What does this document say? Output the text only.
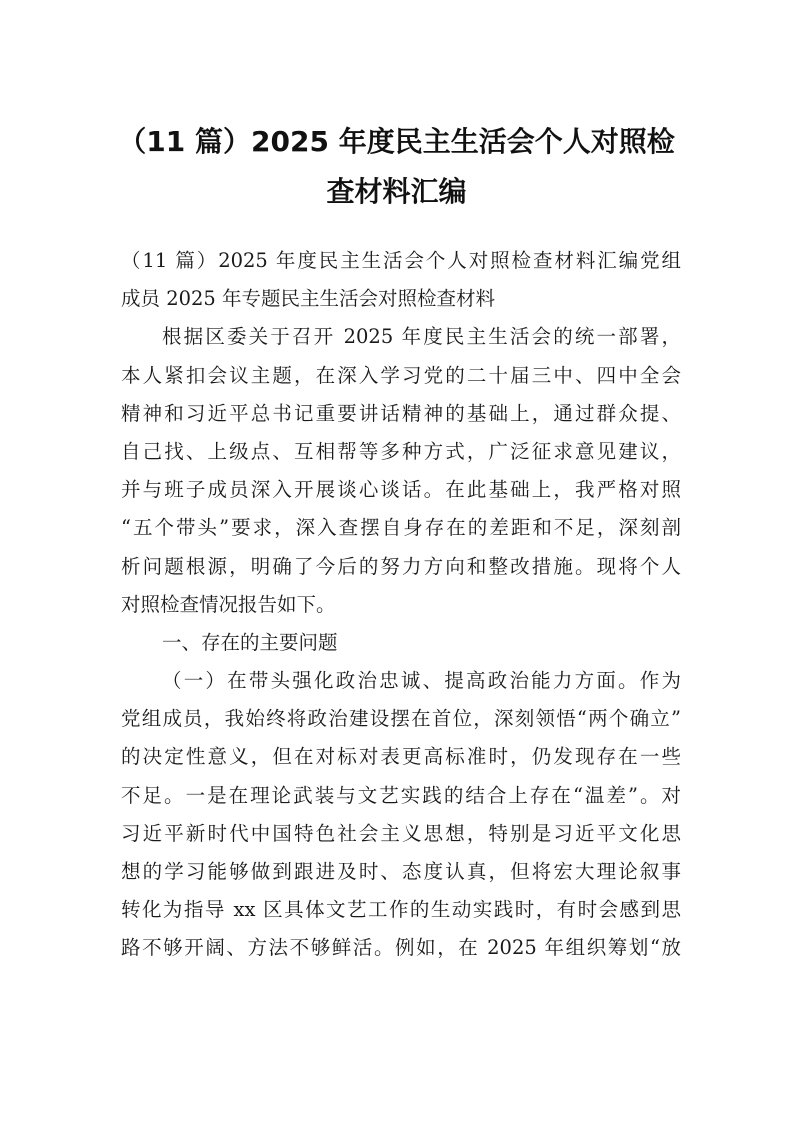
（11 篇）2025 年度民主生活会个人对照检
查材料汇编
（11 篇）2025 年度民主生活会个人对照检查材料汇编党组
成员 2025 年专题民主生活会对照检查材料
根据区委关于召开 2025 年度民主生活会的统一部署，
本人紧扣会议主题，在深入学习党的二十届三中、四中全会
精神和习近平总书记重要讲话精神的基础上，通过群众提、
自己找、上级点、互相帮等多种方式，广泛征求意见建议，
并与班子成员深入开展谈心谈话。在此基础上，我严格对照
“五个带头”要求，深入查摆自身存在的差距和不足，深刻剖
析问题根源，明确了今后的努力方向和整改措施。现将个人
对照检查情况报告如下。
一、存在的主要问题
（一）在带头强化政治忠诚、提高政治能力方面。作为
党组成员，我始终将政治建设摆在首位，深刻领悟“两个确立”
的决定性意义，但在对标对表更高标准时，仍发现存在一些
不足。一是在理论武装与文艺实践的结合上存在“温差”。对
习近平新时代中国特色社会主义思想，特别是习近平文化思
想的学习能够做到跟进及时、态度认真，但将宏大理论叙事
转化为指导 xx 区具体文艺工作的生动实践时，有时会感到思
路不够开阔、方法不够鲜活。例如，在 2025 年组织筹划“放
